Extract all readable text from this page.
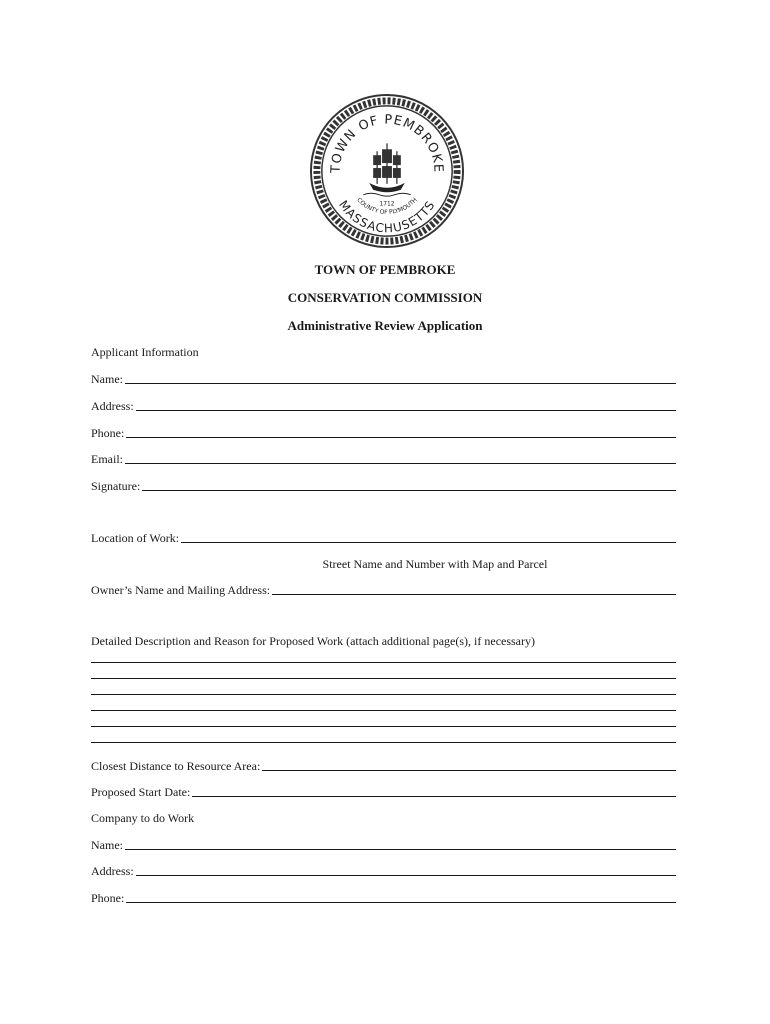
TOWN OF PEMBROKE
MASSACHUSETTS
COUNTY OF PLYMOUTH
1712
TOWN OF PEMBROKE
CONSERVATION COMMISSION
Administrative Review Application
Applicant Information
Name:
Address:
Phone:
Email:
Signature:
Location of Work:
Street Name and Number with Map and Parcel
Owner’s Name and Mailing Address:
Detailed Description and Reason for Proposed Work (attach additional page(s), if necessary)
Closest Distance to Resource Area:
Proposed Start Date:
Company to do Work
Name:
Address:
Phone:
